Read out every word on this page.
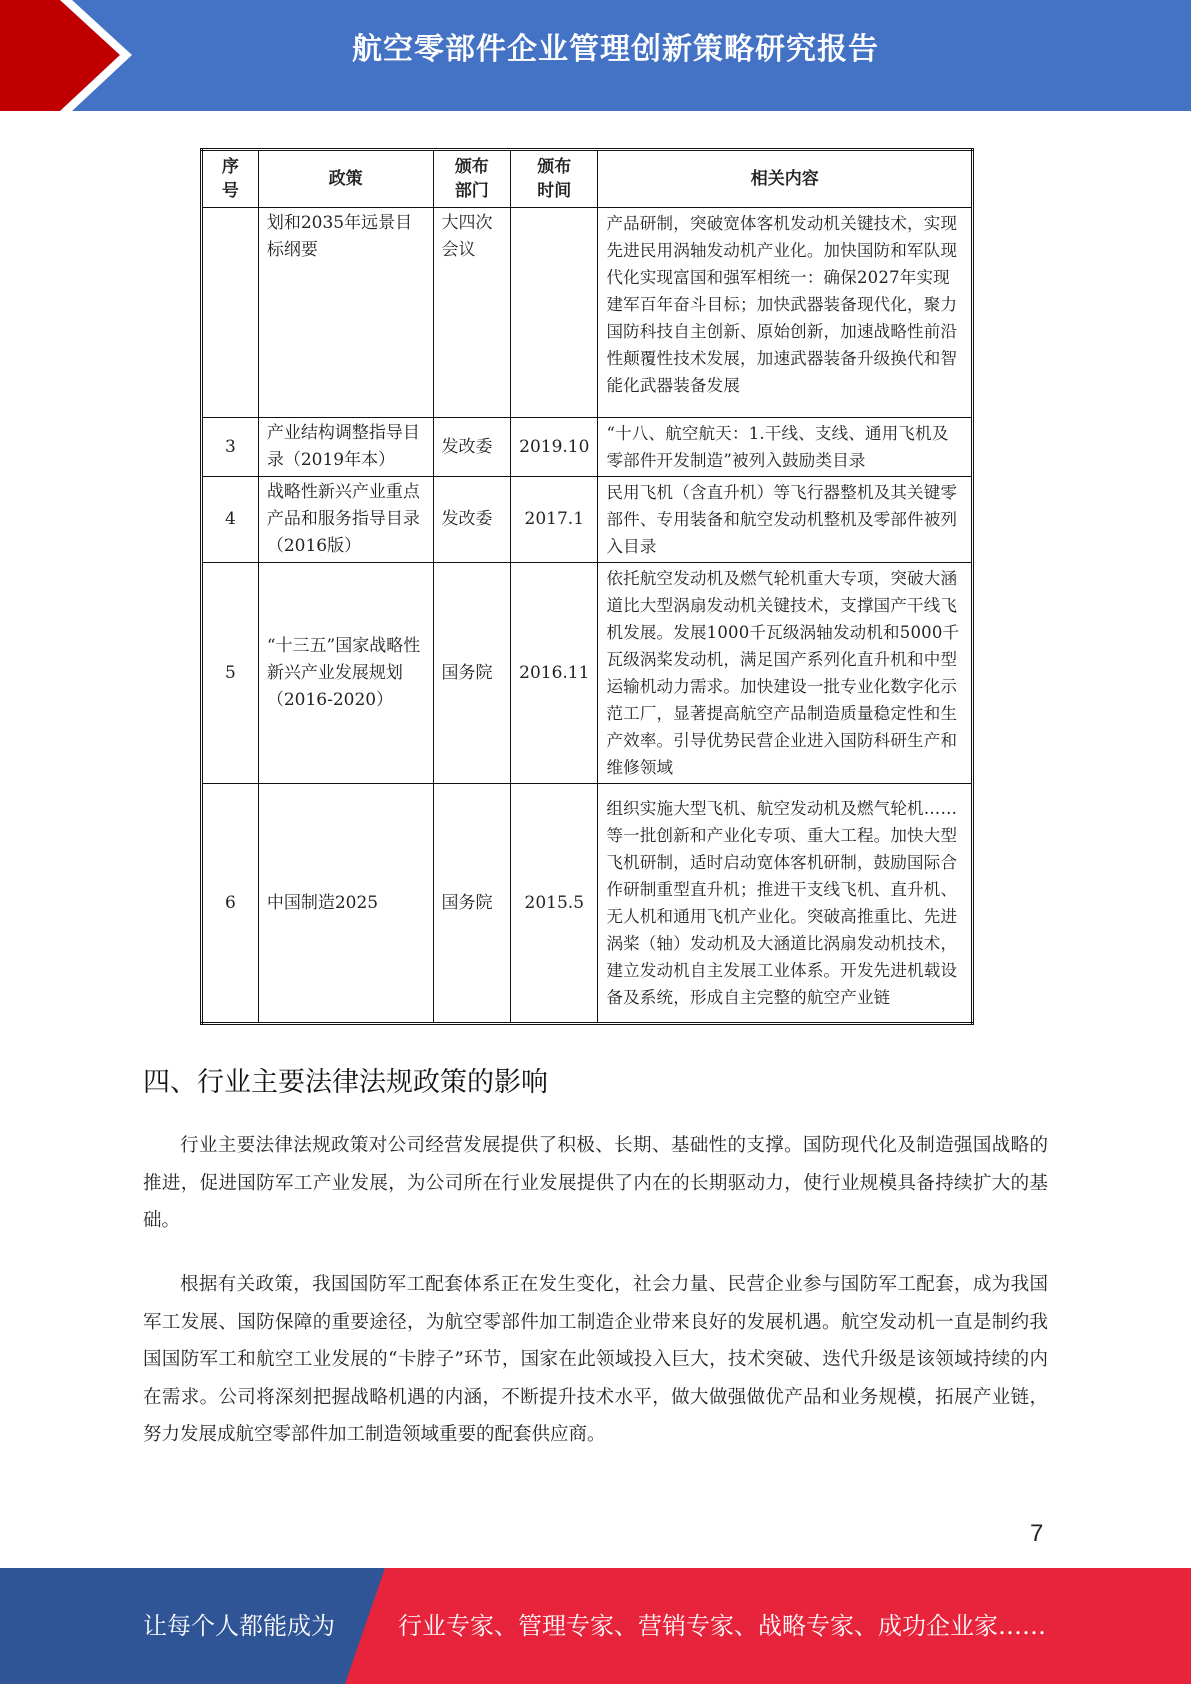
航空零部件企业管理创新策略研究报告
序号	政策	颁布部门	颁布时间	相关内容
	划和2035年远景目标纲要	大四次会议		产品研制，突破宽体客机发动机关键技术，实现先进民用涡轴发动机产业化。加快国防和军队现代化实现富国和强军相统一：确保2027年实现建军百年奋斗目标；加快武器装备现代化，聚力国防科技自主创新、原始创新，加速战略性前沿性颠覆性技术发展，加速武器装备升级换代和智能化武器装备发展
3	产业结构调整指导目录（2019年本）	发改委	2019.10	“十八、航空航天：1.干线、支线、通用飞机及零部件开发制造”被列入鼓励类目录
4	战略性新兴产业重点产品和服务指导目录（2016版）	发改委	2017.1	民用飞机（含直升机）等飞行器整机及其关键零部件、专用装备和航空发动机整机及零部件被列入目录
5	“十三五”国家战略性新兴产业发展规划（2016-2020）	国务院	2016.11	依托航空发动机及燃气轮机重大专项，突破大涵道比大型涡扇发动机关键技术，支撑国产干线飞机发展。发展1000千瓦级涡轴发动机和5000千瓦级涡桨发动机，满足国产系列化直升机和中型运输机动力需求。加快建设一批专业化数字化示范工厂，显著提高航空产品制造质量稳定性和生产效率。引导优势民营企业进入国防科研生产和维修领域
6	中国制造2025	国务院	2015.5	组织实施大型飞机、航空发动机及燃气轮机……等一批创新和产业化专项、重大工程。加快大型飞机研制，适时启动宽体客机研制，鼓励国际合作研制重型直升机；推进干支线飞机、直升机、无人机和通用飞机产业化。突破高推重比、先进涡桨（轴）发动机及大涵道比涡扇发动机技术，建立发动机自主发展工业体系。开发先进机载设备及系统，形成自主完整的航空产业链
四、行业主要法律法规政策的影响

行业主要法律法规政策对公司经营发展提供了积极、长期、基础性的支撑。国防现代化及制造强国战略的推进，促进国防军工产业发展，为公司所在行业发展提供了内在的长期驱动力，使行业规模具备持续扩大的基础。

根据有关政策，我国国防军工配套体系正在发生变化，社会力量、民营企业参与国防军工配套，成为我国军工发展、国防保障的重要途径，为航空零部件加工制造企业带来良好的发展机遇。航空发动机一直是制约我国国防军工和航空工业发展的“卡脖子”环节，国家在此领域投入巨大，技术突破、迭代升级是该领域持续的内在需求。公司将深刻把握战略机遇的内涵，不断提升技术水平，做大做强做优产品和业务规模，拓展产业链，努力发展成航空零部件加工制造领域重要的配套供应商。

7
让每个人都能成为	行业专家、管理专家、营销专家、战略专家、成功企业家……
